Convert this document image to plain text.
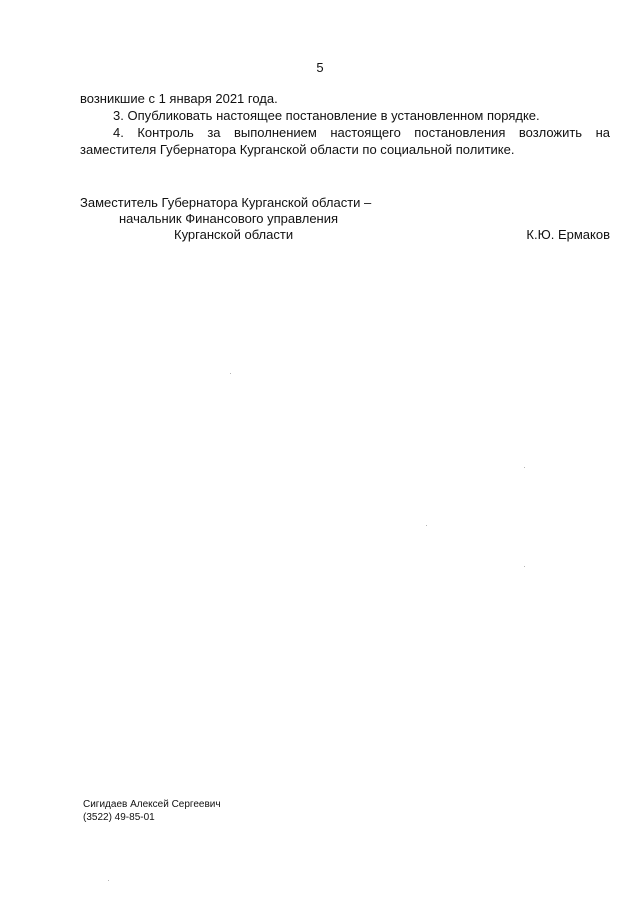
5

возникшие с 1 января 2021 года.

3. Опубликовать настоящее постановление в установленном порядке.

4. Контроль за выполнением настоящего постановления возложить на заместителя Губернатора Курганской области по социальной политике.

Заместитель Губернатора Курганской области –
начальник Финансового управления
Курганской области	К.Ю. Ермаков
Сигидаев Алексей Сергеевич
(3522) 49-85-01
